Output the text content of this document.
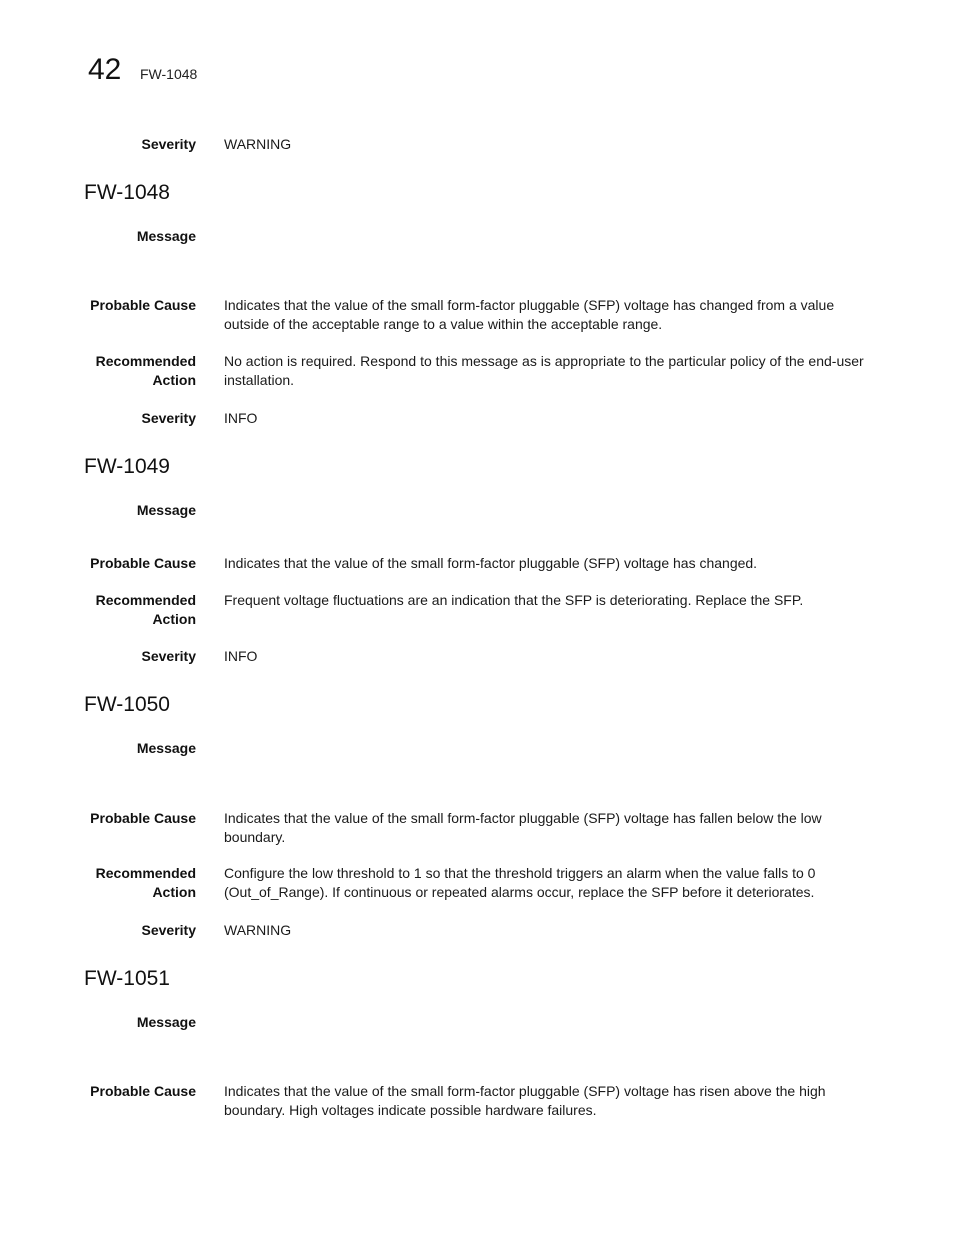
42 FW-1048
Severity WARNING
FW-1048
Message
Probable Cause Indicates that the value of the small form-factor pluggable (SFP) voltage has changed from a value outside of the acceptable range to a value within the acceptable range.
Recommended
Action
No action is required. Respond to this message as is appropriate to the particular policy of the end-user installation.
Severity INFO
FW-1049
Message
Probable Cause Indicates that the value of the small form-factor pluggable (SFP) voltage has changed.
Recommended
Action
Frequent voltage fluctuations are an indication that the SFP is deteriorating. Replace the SFP.
Severity INFO
FW-1050
Message
Probable Cause Indicates that the value of the small form-factor pluggable (SFP) voltage has fallen below the low boundary.
Recommended
Action
Configure the low threshold to 1 so that the threshold triggers an alarm when the value falls to 0 (Out_of_Range). If continuous or repeated alarms occur, replace the SFP before it deteriorates.
Severity WARNING
FW-1051
Message
Probable Cause Indicates that the value of the small form-factor pluggable (SFP) voltage has risen above the high boundary. High voltages indicate possible hardware failures.
